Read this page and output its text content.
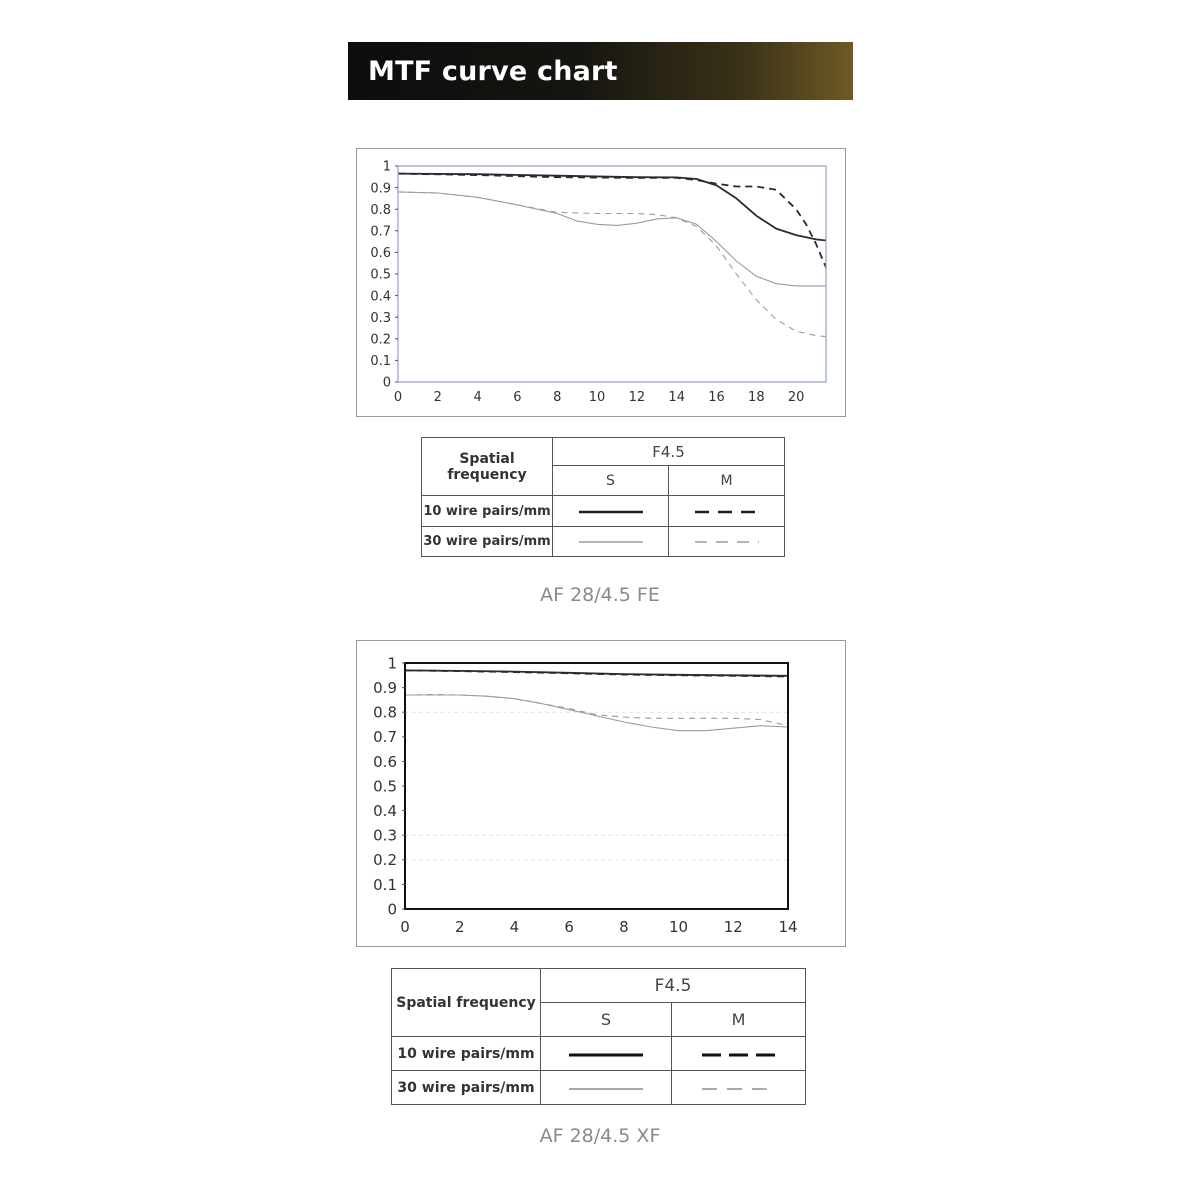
MTF curve chart
0
0.1
0.2
0.3
0.4
0.5
0.6
0.7
0.8
0.9
1
0 2 4 6 8 10 12 14 16 18 20
Spatial frequency	F4.5	
	S	M
10 wire pairs/mm		
30 wire pairs/mm		
AF 28/4.5 FE
0
0.1
0.2
0.3
0.4
0.5
0.6
0.7
0.8
0.9
1
0	2	4	6	8	10 12 14
Spatial frequency	F4.5	
	S	M
10 wire pairs/mm		
30 wire pairs/mm		
AF 28/4.5 XF
